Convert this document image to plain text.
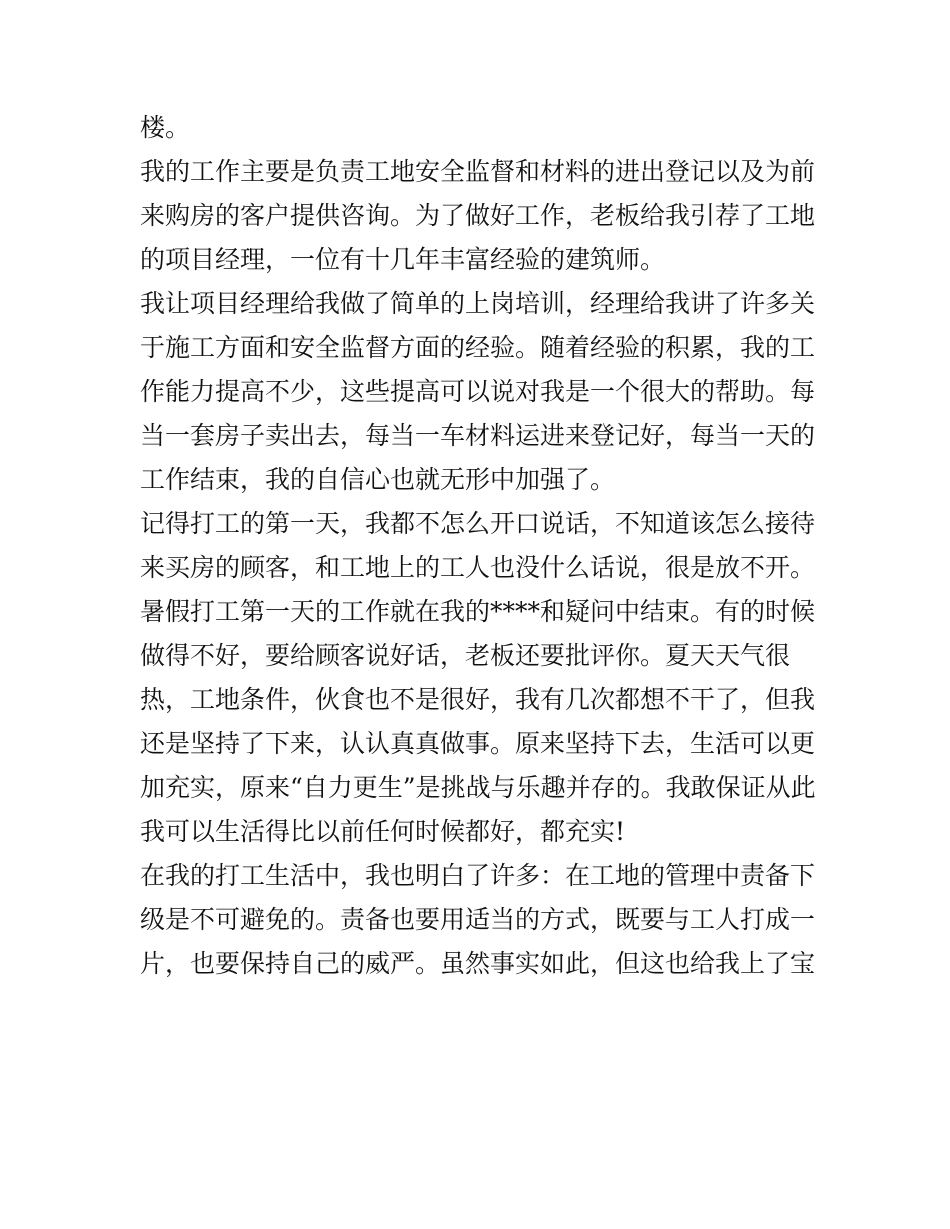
楼。
我的工作主要是负责工地安全监督和材料的进出登记以及为前
来购房的客户提供咨询。为了做好工作，老板给我引荐了工地
的项目经理，一位有十几年丰富经验的建筑师。
我让项目经理给我做了简单的上岗培训，经理给我讲了许多关
于施工方面和安全监督方面的经验。随着经验的积累，我的工
作能力提高不少，这些提高可以说对我是一个很大的帮助。每
当一套房子卖出去，每当一车材料运进来登记好，每当一天的
工作结束，我的自信心也就无形中加强了。
记得打工的第一天，我都不怎么开口说话，不知道该怎么接待
来买房的顾客，和工地上的工人也没什么话说，很是放不开。
暑假打工第一天的工作就在我的****和疑问中结束。有的时候
做得不好，要给顾客说好话，老板还要批评你。夏天天气很
热，工地条件，伙食也不是很好，我有几次都想不干了，但我
还是坚持了下来，认认真真做事。原来坚持下去，生活可以更
加充实，原来“自力更生”是挑战与乐趣并存的。我敢保证从此
我可以生活得比以前任何时候都好，都充实!
在我的打工生活中，我也明白了许多：在工地的管理中责备下
级是不可避免的。责备也要用适当的方式，既要与工人打成一
片，也要保持自己的威严。虽然事实如此，但这也给我上了宝
